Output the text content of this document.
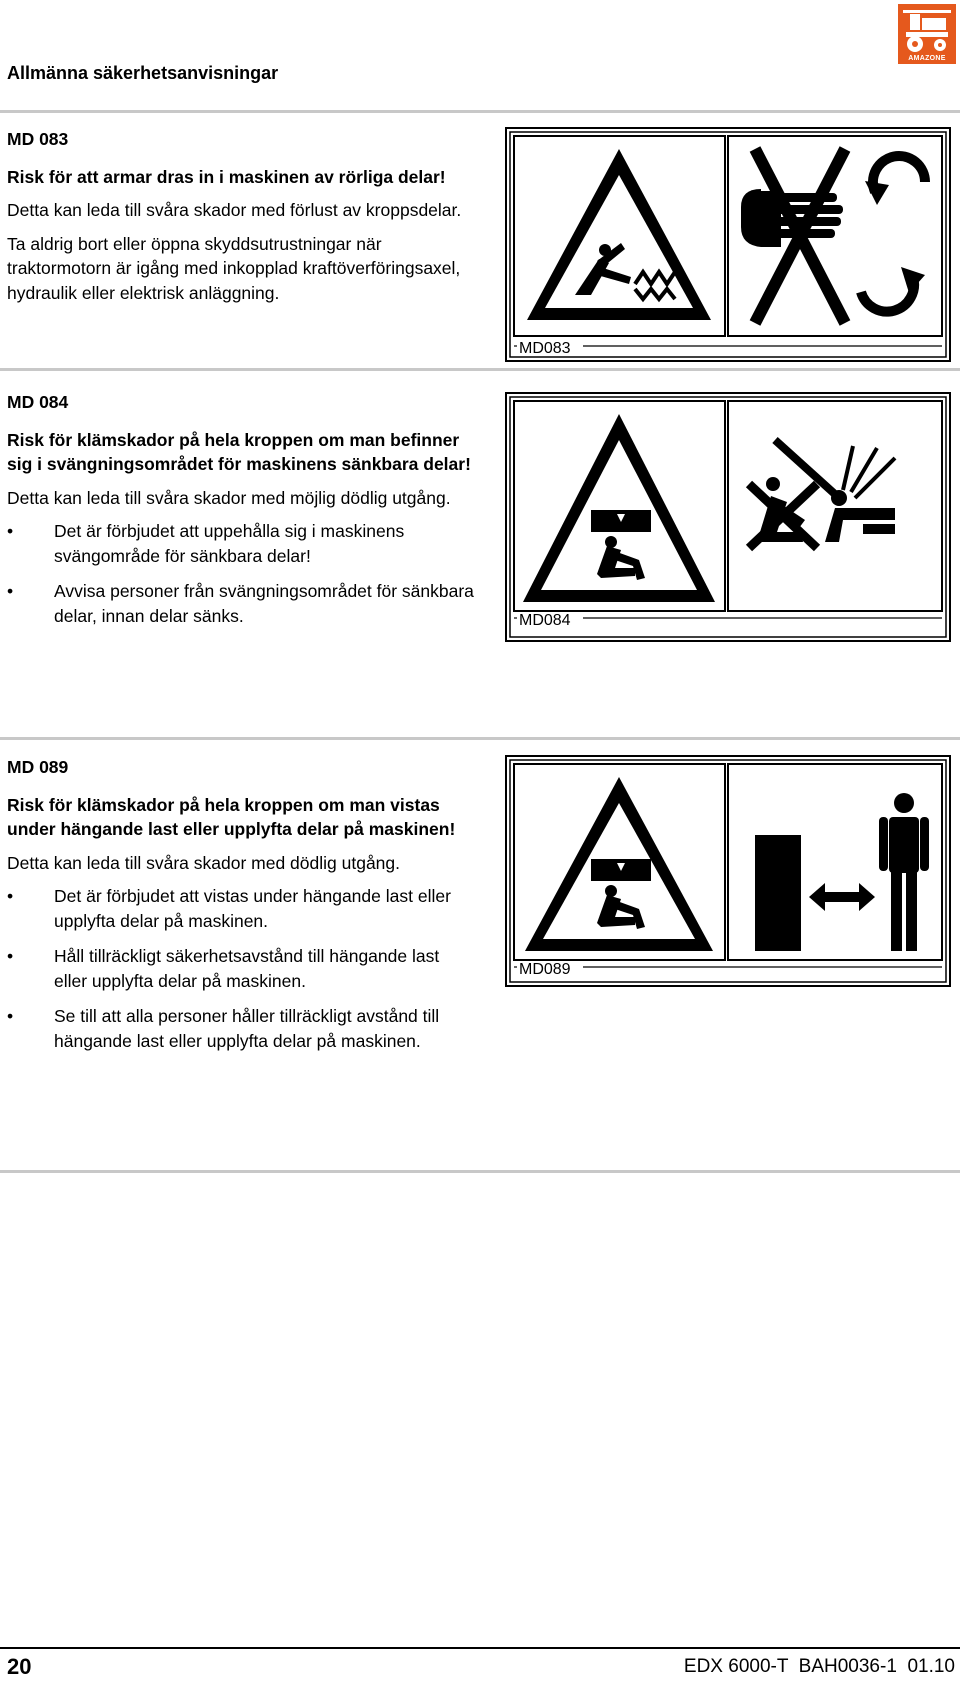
AMAZONE
Allmänna säkerhetsanvisningar
MD 083
Risk för att armar dras in i maskinen av rörliga delar!
Detta kan leda till svåra skador med förlust av kroppsdelar.
Ta aldrig bort eller öppna skyddsutrustningar när traktormotorn är igång med inkopplad kraftöverföringsaxel, hydraulik eller elektrisk anläggning.
MD083
MD 084
Risk för klämskador på hela kroppen om man befinner sig i svängningsområdet för maskinens sänkbara delar!
Detta kan leda till svåra skador med möjlig dödlig utgång.
• Det är förbjudet att uppehålla sig i maskinens svängområde för sänkbara delar!
• Avvisa personer från svängningsområdet för sänkbara delar, innan delar sänks.	MD084
MD 089
Risk för klämskador på hela kroppen om man vistas under hängande last eller upplyfta delar på maskinen!
Detta kan leda till svåra skador med dödlig utgång.
• Det är förbjudet att vistas under hängande last eller upplyfta delar på maskinen.
• Håll tillräckligt säkerhetsavstånd till hängande last eller upplyfta delar på maskinen.
• Se till att alla personer håller tillräckligt avstånd till hängande last eller upplyfta delar på maskinen.
MD089
20	EDX 6000-T  BAH0036-1  01.10
